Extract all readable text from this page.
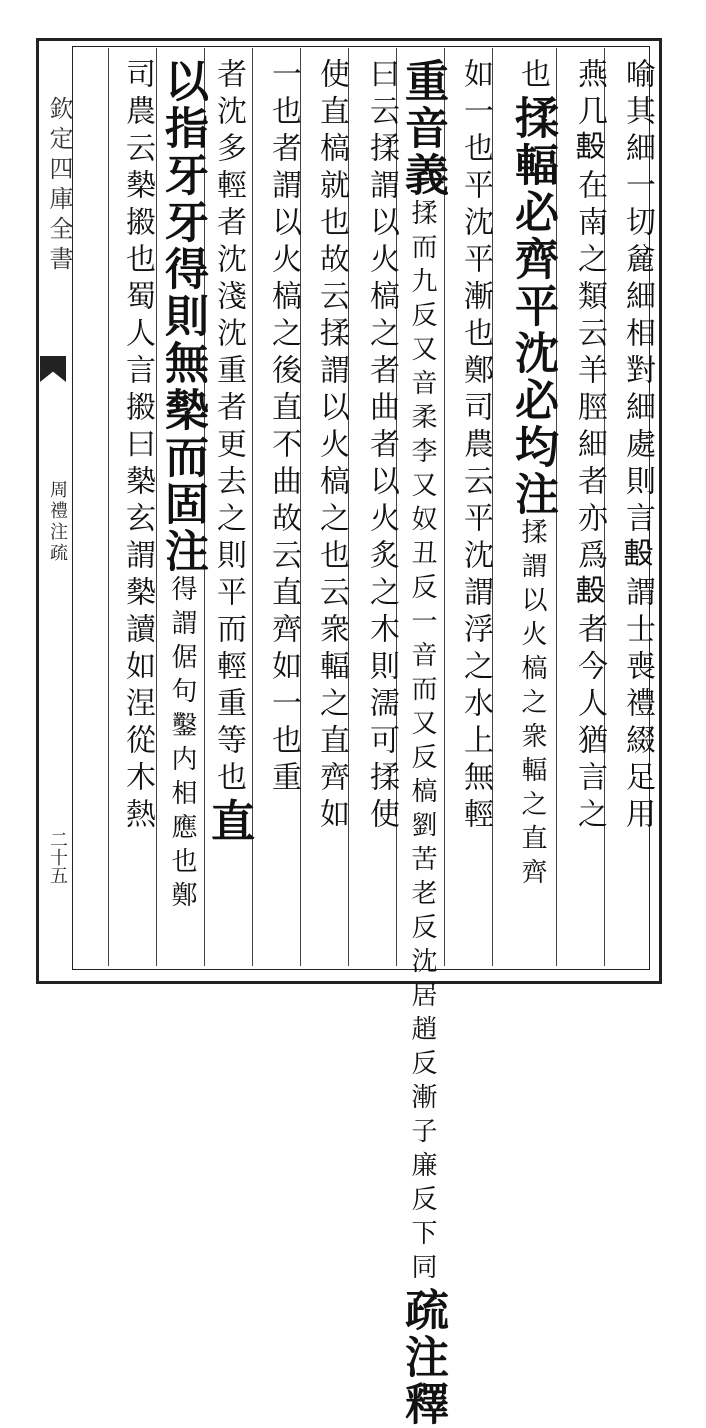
欽定四庫全書
周禮注疏
二十五
喻其細一切麄細相對細處則言𣪠謂士喪禮綴足用
燕几𣪠在南之類云羊脛細者亦爲𣪠者今人猶言之
也揉輻必齊平沈必均注揉謂以火槁之衆輻之直齊
如一也平沈平漸也鄭司農云平沈謂浮之水上無輕
重音義揉而九反又音柔李又奴丑反一音而又反槁劉苦老反沈居趙反漸子廉反下同疏注釋
曰云揉謂以火槁之者曲者以火炙之木則濡可揉使
使直槁就也故云揉謂以火槁之也云衆輻之直齊如
一也者謂以火槁之後直不曲故云直齊如一也重
者沈多輕者沈淺沈重者更去之則平而輕重等也直
以指牙牙得則無槷而固注得謂倨句鑿内相應也鄭
司農云槷摋也蜀人言摋曰槷玄謂槷讀如涅從木熱
